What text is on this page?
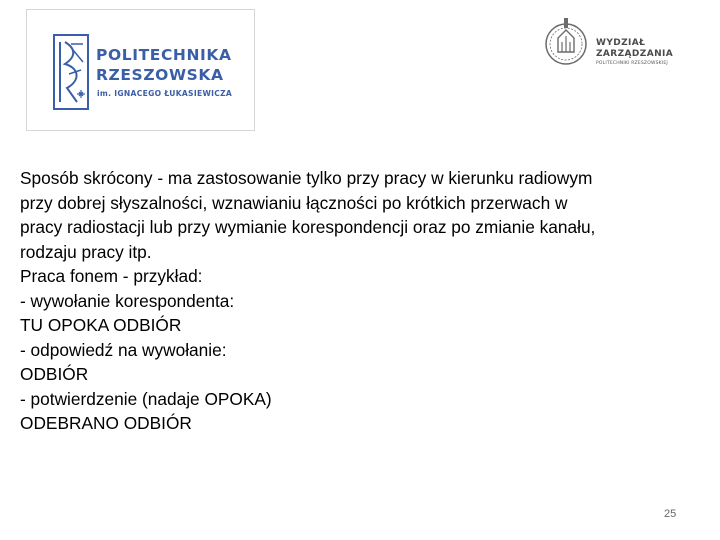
POLITECHNIKA
RZESZOWSKA
im. IGNACEGO ŁUKASIEWICZA
WYDZIAŁ
ZARZĄDZANIA
POLITECHNIKI RZESZOWSKIEJ
Sposób skrócony - ma zastosowanie tylko przy pracy w kierunku radiowym
przy dobrej słyszalności, wznawianiu łączności po krótkich przerwach w
pracy radiostacji lub przy wymianie korespondencji oraz po zmianie kanału,
rodzaju pracy itp.
Praca fonem - przykład:
- wywołanie korespondenta:
TU OPOKA ODBIÓR
- odpowiedź na wywołanie:
ODBIÓR
- potwierdzenie (nadaje OPOKA)
ODEBRANO ODBIÓR
25
